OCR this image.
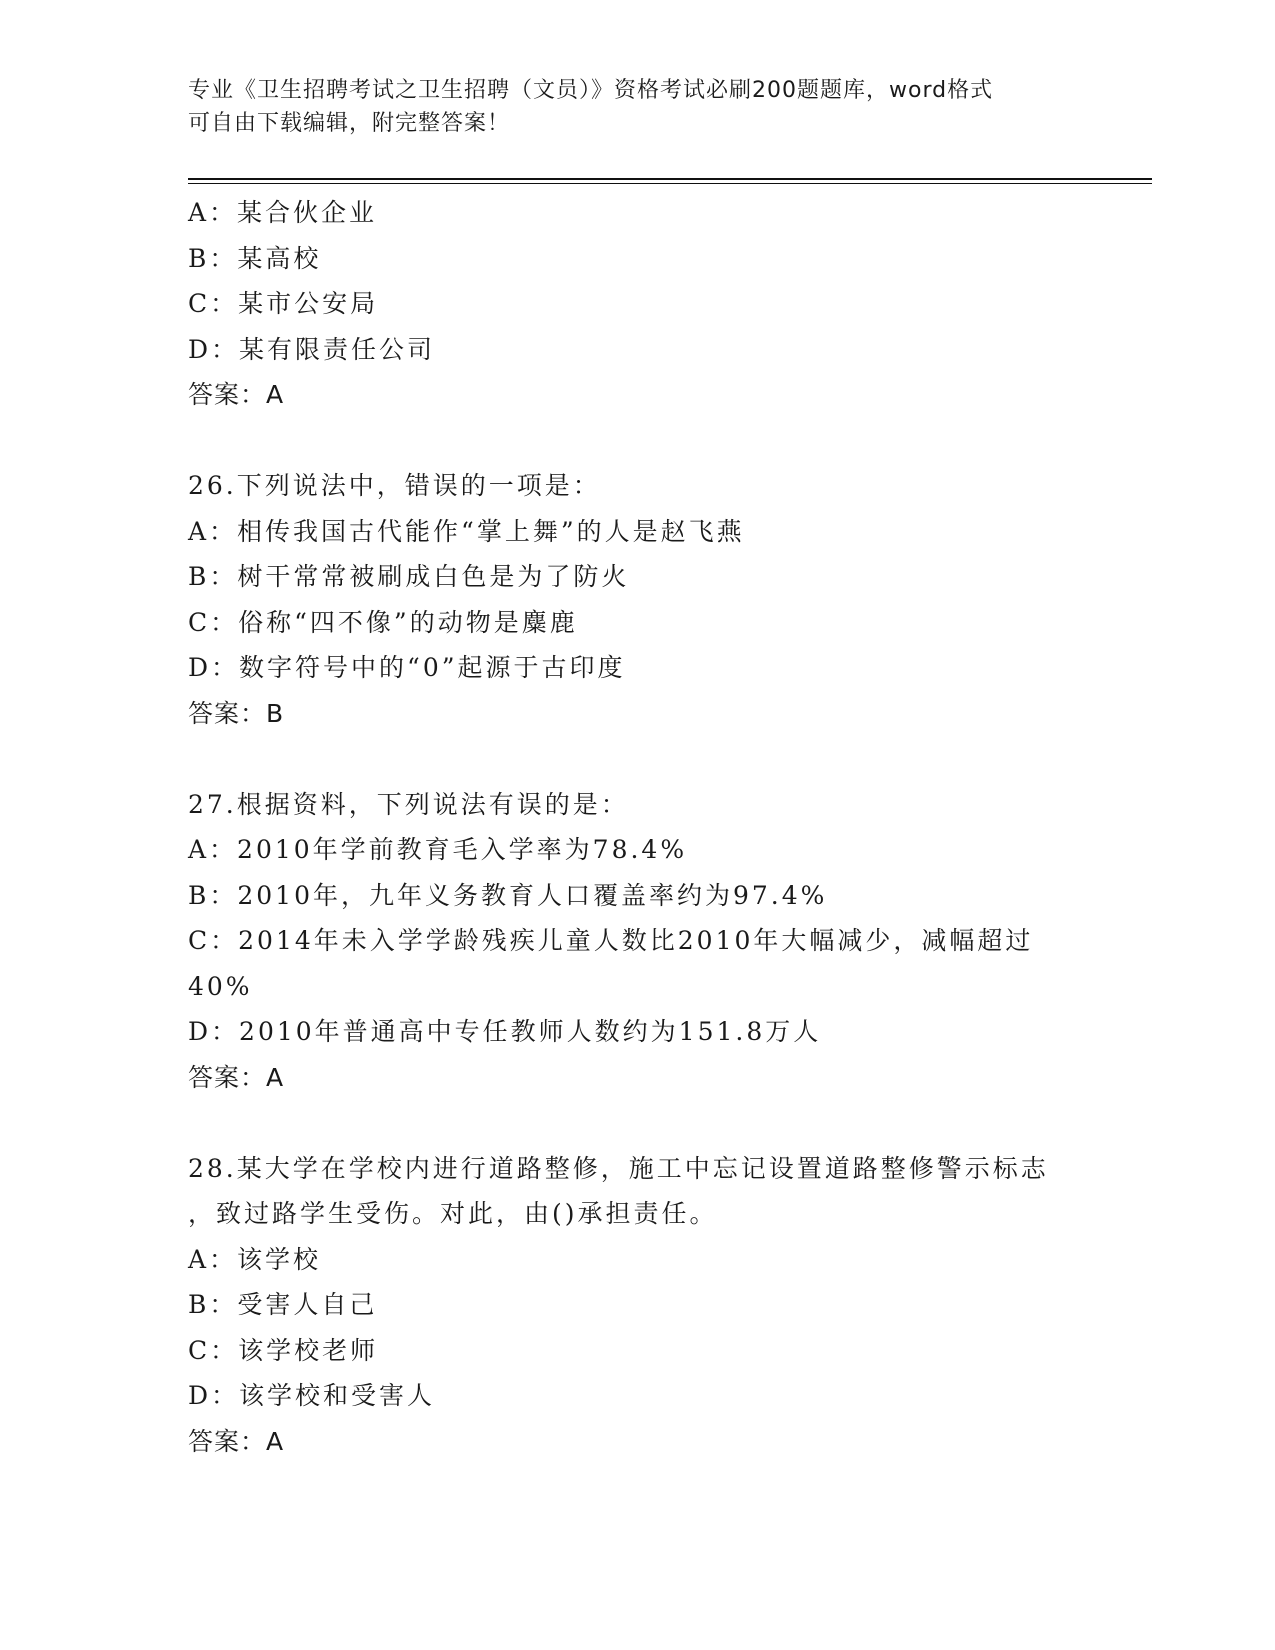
专业《卫生招聘考试之卫生招聘（文员）》资格考试必刷200题题库，word格式
可自由下载编辑，附完整答案！
A：某合伙企业
B：某高校
C：某市公安局
D：某有限责任公司
答案：A
26.下列说法中，错误的一项是：
A：相传我国古代能作“掌上舞”的人是赵飞燕
B：树干常常被刷成白色是为了防火
C：俗称“四不像”的动物是麋鹿
D：数字符号中的“0”起源于古印度
答案：B
27.根据资料，下列说法有误的是：
A：2010年学前教育毛入学率为78.4%
B：2010年，九年义务教育人口覆盖率约为97.4%
C：2014年未入学学龄残疾儿童人数比2010年大幅减少，减幅超过
40%
D：2010年普通高中专任教师人数约为151.8万人
答案：A
28.某大学在学校内进行道路整修，施工中忘记设置道路整修警示标志
，致过路学生受伤。对此，由()承担责任。
A：该学校
B：受害人自己
C：该学校老师
D：该学校和受害人
答案：A
